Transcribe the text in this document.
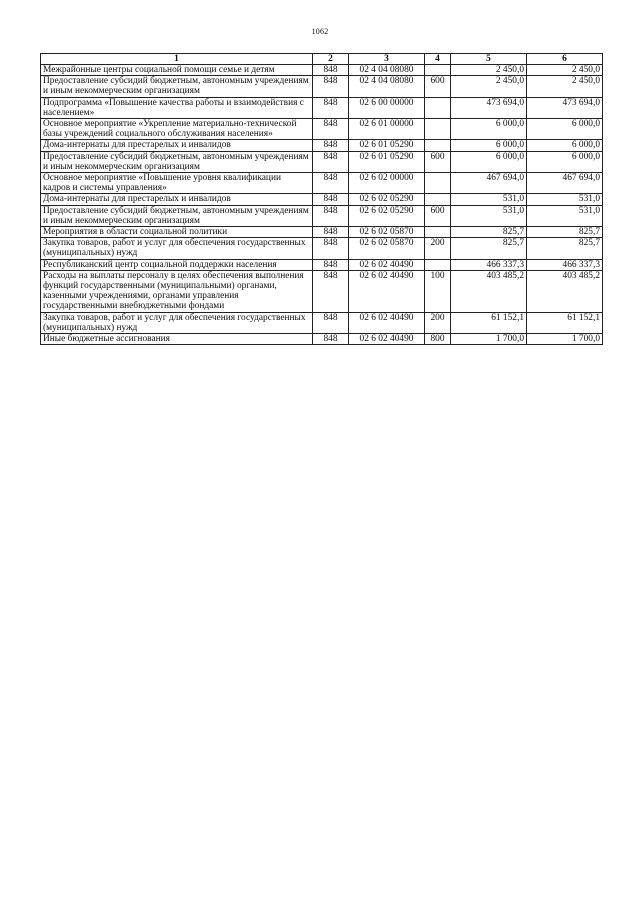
1062
1	2	3	4	5	6
Межрайонные центры социальной помощи семье и детям	848	02 4 04 08080		2 450,0	2 450,0
Предоставление субсидий бюджетным, автономным учреждениям и иным некоммерческим организациям	848	02 4 04 08080	600	2 450,0	2 450,0
Подпрограмма «Повышение качества работы и взаимодействия с населением»	848	02 6 00 00000		473 694,0	473 694,0
Основное мероприятие «Укрепление материально-технической базы учреждений социального обслуживания населения»	848	02 6 01 00000		6 000,0	6 000,0
Дома-интернаты для престарелых и инвалидов	848	02 6 01 05290		6 000,0	6 000,0
Предоставление субсидий бюджетным, автономным учреждениям и иным некоммерческим организациям	848	02 6 01 05290	600	6 000,0	6 000,0
Основное мероприятие «Повышение уровня квалификации кадров и системы управления»	848	02 6 02 00000		467 694,0	467 694,0
Дома-интернаты для престарелых и инвалидов	848	02 6 02 05290		531,0	531,0
Предоставление субсидий бюджетным, автономным учреждениям и иным некоммерческим организациям	848	02 6 02 05290	600	531,0	531,0
Мероприятия в области социальной политики	848	02 6 02 05870		825,7	825,7
Закупка товаров, работ и услуг для обеспечения государственных (муниципальных) нужд	848	02 6 02 05870	200	825,7	825,7
Республиканский центр социальной поддержки населения	848	02 6 02 40490		466 337,3	466 337,3
Расходы на выплаты персоналу в целях обеспечения выполнения функций государственными (муниципальными) органами, казенными учреждениями, органами управления государственными внебюджетными фондами	848	02 6 02 40490	100	403 485,2	403 485,2
Закупка товаров, работ и услуг для обеспечения государственных (муниципальных) нужд	848	02 6 02 40490	200	61 152,1	61 152,1
Иные бюджетные ассигнования	848	02 6 02 40490	800	1 700,0	1 700,0
